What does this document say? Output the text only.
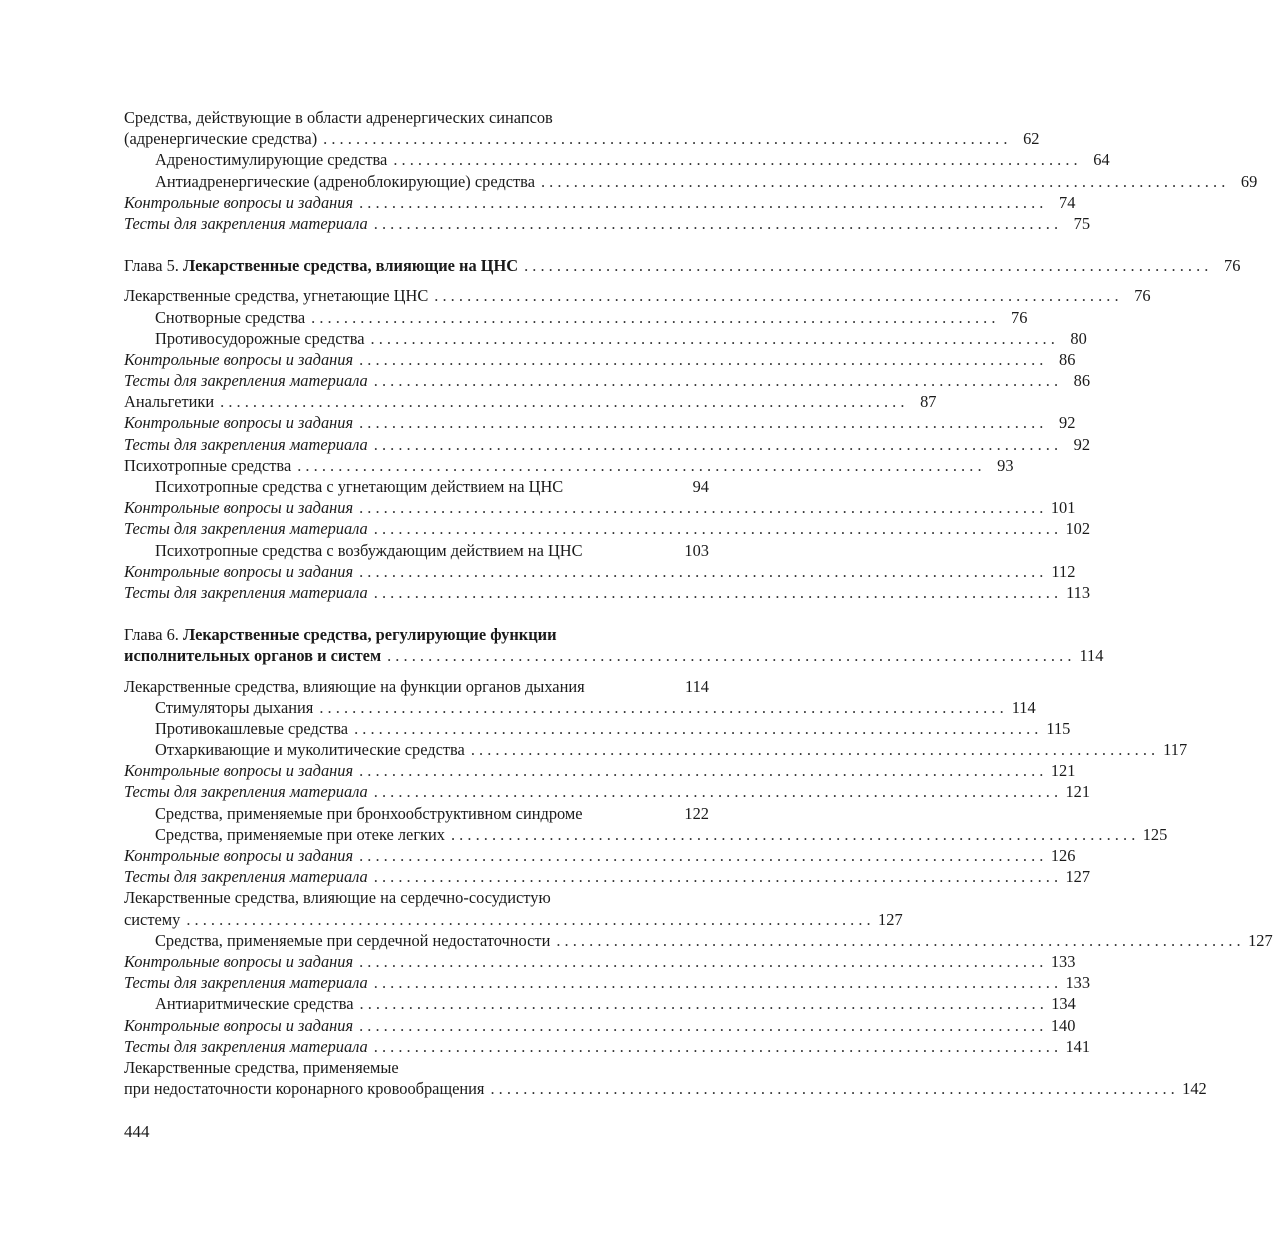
Средства, действующие в области адренергических синапсов
(адренергические средства) . . .	62
Адреностимулирующие средства . . .	64
Антиадренергические (адреноблокирующие) средства . . .	69
Контрольные вопросы и задания . . .	74
Тесты для закрепления материала . . .	75
Глава 5. Лекарственные средства, влияющие на ЦНС . . .	76
Лекарственные средства, угнетающие ЦНС . . .	76
Снотворные средства . . .	76
Противосудорожные средства . . .	80
Контрольные вопросы и задания . . .	86
Тесты для закрепления материала . . .	86
Анальгетики . . .	87
Контрольные вопросы и задания . . .	92
Тесты для закрепления материала . . .	92
Психотропные средства . . .	93
Психотропные средства с угнетающим действием на ЦНС	94
Контрольные вопросы и задания . . .	101
Тесты для закрепления материала . . .	102
Психотропные средства с возбуждающим действием на ЦНС	103
Контрольные вопросы и задания . . .	112
Тесты для закрепления материала . . .	113
Глава 6. Лекарственные средства, регулирующие функции
исполнительных органов и систем . . .	114
Лекарственные средства, влияющие на функции органов дыхания	114
Стимуляторы дыхания . . .	114
Противокашлевые средства . . .	115
Отхаркивающие и муколитические средства . . .	117
Контрольные вопросы и задания . . .	121
Тесты для закрепления материала . . .	121
Средства, применяемые при бронхообструктивном синдроме	122
Средства, применяемые при отеке легких . . .	125
Контрольные вопросы и задания . . .	126
Тесты для закрепления материала . . .	127
Лекарственные средства, влияющие на сердечно-сосудистую
систему . . .	127
Средства, применяемые при сердечной недостаточности . . .	127
Контрольные вопросы и задания . . .	133
Тесты для закрепления материала . . .	133
Антиаритмические средства . . .	134
Контрольные вопросы и задания . . .	140
Тесты для закрепления материала . . .	141
Лекарственные средства, применяемые
при недостаточности коронарного кровообращения . . .	142
444
